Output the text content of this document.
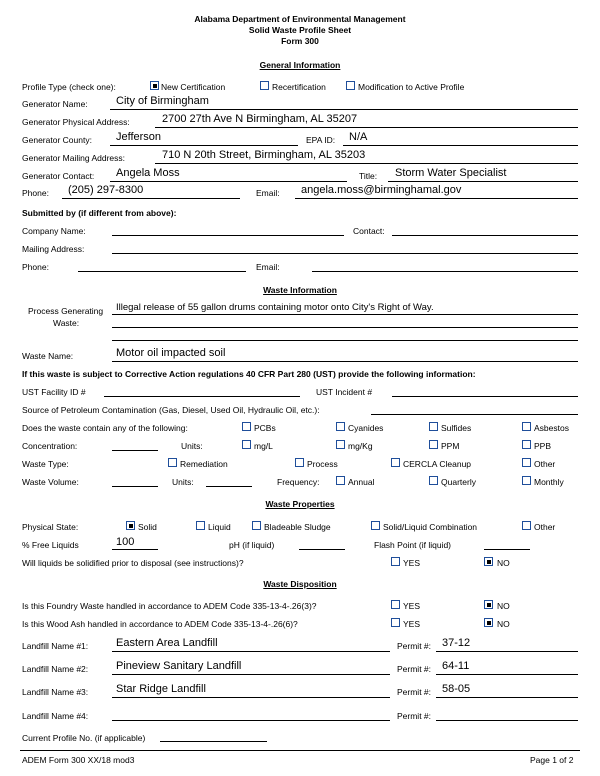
Alabama Department of Environmental Management
Solid Waste Profile Sheet
Form 300
General Information
Profile Type (check one):	New Certification	Recertification	Modification to Active Profile
Generator Name:	City of Birmingham
Generator Physical Address:	2700 27th Ave N Birmingham, AL 35207
Generator County: Jefferson	EPA ID: N/A
Generator Mailing Address:	710 N 20th Street, Birmingham, AL 35203
Generator Contact: Angela Moss	Title: Storm Water Specialist
Phone: (205) 297-8300	Email: angela.moss@birminghamal.gov
Submitted by (if different from above):
Company Name:	Contact:
Mailing Address:
Phone:	Email:
Waste Information
Process Generating
Waste:
Illegal release of 55 gallon drums containing motor onto City's Right of Way.
Waste Name:	Motor oil impacted soil
If this waste is subject to Corrective Action regulations 40 CFR Part 280 (UST) provide the following information:
UST Facility ID #	UST Incident #
Source of Petroleum Contamination (Gas, Diesel, Used Oil, Hydraulic Oil, etc.):
Does the waste contain any of the following:	PCBs	Cyanides	Sulfides	Asbestos
Concentration:	Units:	mg/L	mg/Kg	PPM	PPB
Waste Type:	Remediation	Process	CERCLA Cleanup	Other
Waste Volume:	Units:	Frequency:	Annual	Quarterly	Monthly
Waste Properties
Physical State:	Solid	Liquid	Bladeable Sludge	Solid/Liquid Combination	Other
% Free Liquids	100	pH (if liquid)	Flash Point (if liquid)
Will liquids be solidified prior to disposal (see instructions)?	YES	NO
Waste Disposition
Is this Foundry Waste handled in accordance to ADEM Code 335-13-4-.26(3)?	YES	NO
Is this Wood Ash handled in accordance to ADEM Code 335-13-4-.26(6)?	YES	NO
Landfill Name #1:	Eastern Area Landfill	Permit #: 37-12
Landfill Name #2:	Pineview Sanitary Landfill	Permit #: 64-11
Landfill Name #3:	Star Ridge Landfill	Permit #: 58-05
Landfill Name #4:	Permit #:
Current Profile No. (if applicable)
ADEM Form 300 XX/18 mod3	Page 1 of 2
